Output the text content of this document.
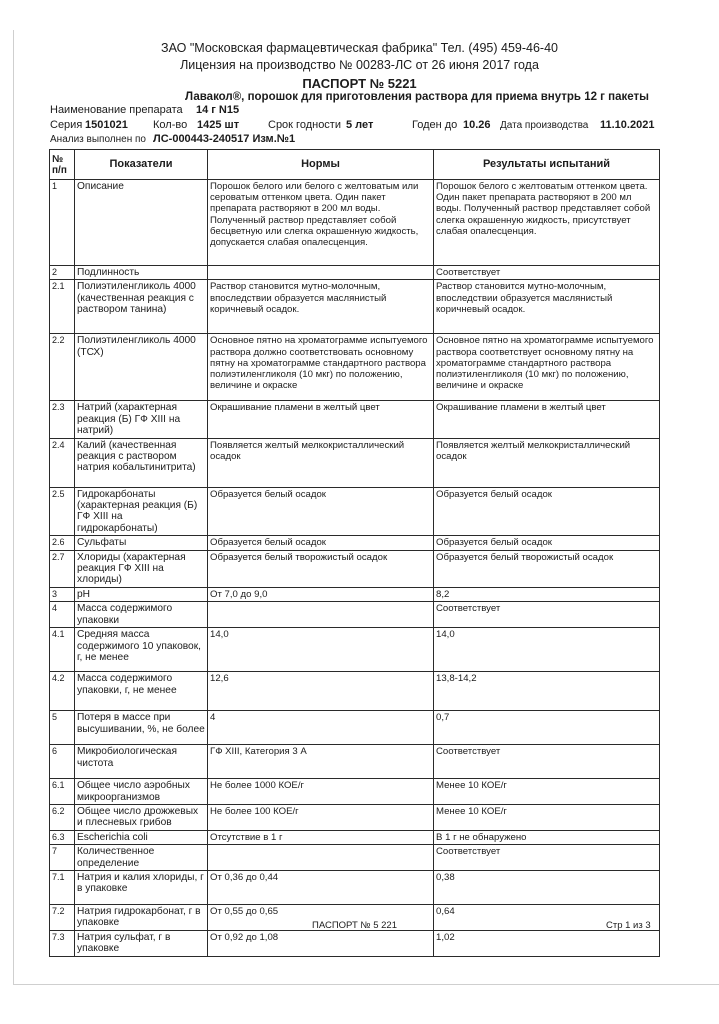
ЗАО "Московская фармацевтическая фабрика" Тел. (495) 459-46-40
Лицензия на производство № 00283-ЛС от 26 июня 2017 года
ПАСПОРТ № 5221
Лавакол®, порошок для приготовления раствора для приема внутрь 12 г пакеты
Наименование препарата 14 г N15
Серия 1501021 Кол-во 1425 шт	Срок годности 5 лет	Годен до 10.26 Дата производства 11.10.2021
Анализ выполнен по ЛС-000443-240517 Изм.№1
№ п/п	Показатели	Нормы	Результаты испытаний
1	Описание	Порошок белого или белого с желтоватым или сероватым оттенком цвета. Один пакет препарата растворяют в 200 мл воды. Полученный раствор представляет собой бесцветную или слегка окрашенную жидкость, допускается слабая опалесценция.	Порошок белого с желтоватым оттенком цвета. Один пакет препарата растворяют в 200 мл воды. Полученный раствор представляет собой слегка окрашенную жидкость, присутствует слабая опалесценция.
2	Подлинность		Соответствует
2.1	Полиэтиленгликоль 4000 (качественная реакция с раствором танина)	Раствор становится мутно-молочным, впоследствии образуется маслянистый коричневый осадок.	Раствор становится мутно-молочным, впоследствии образуется маслянистый коричневый осадок.
2.2	Полиэтиленгликоль 4000 (ТСХ)	Основное пятно на хроматограмме испытуемого раствора должно соответствовать основному пятну на хроматограмме стандартного раствора полиэтиленгликоля (10 мкг) по положению, величине и окраске	Основное пятно на хроматограмме испытуемого раствора соответствует основному пятну на хроматограмме стандартного раствора полиэтиленгликоля (10 мкг) по положению, величине и окраске
2.3	Натрий (характерная реакция (Б) ГФ XIII на натрий)	Окрашивание пламени в желтый цвет	Окрашивание пламени в желтый цвет
2.4	Калий (качественная реакция с раствором натрия кобальтинитрита)	Появляется желтый мелкокристаллический осадок	Появляется желтый мелкокристаллический осадок
2.5	Гидрокарбонаты (характерная реакция (Б) ГФ XIII на гидрокарбонаты)	Образуется белый осадок	Образуется белый осадок
2.6	Сульфаты	Образуется белый осадок	Образуется белый осадок
2.7	Хлориды (характерная реакция ГФ XIII на хлориды)	Образуется белый творожистый осадок	Образуется белый творожистый осадок
3	pH	От 7,0 до 9,0	8,2
4	Масса содержимого упаковки		Соответствует
4.1	Средняя масса содержимого 10 упаковок, г, не менее	14,0	14,0
4.2	Масса содержимого упаковки, г, не менее	12,6	13,8-14,2
5	Потеря в массе при высушивании, %, не более	4	0,7
6	Микробиологическая чистота	ГФ XIII, Категория 3 А	Соответствует
6.1	Общее число аэробных микроорганизмов	Не более 1000 КОЕ/г	Менее 10 КОЕ/г
6.2	Общее число дрожжевых и плесневых грибов	Не более 100 КОЕ/г	Менее 10 КОЕ/г
6.3	Escherichia coli	Отсутствие в 1 г	В 1 г не обнаружено
7	Количественное определение		Соответствует
7.1	Натрия и калия хлориды, г в упаковке	От 0,36 до 0,44	0,38
7.2	Натрия гидрокарбонат, г в упаковке	От 0,55 до 0,65	0,64
7.3	Натрия сульфат, г в упаковке	От 0,92 до 1,08	1,02
ПАСПОРТ № 5 221	Стр 1 из 3
